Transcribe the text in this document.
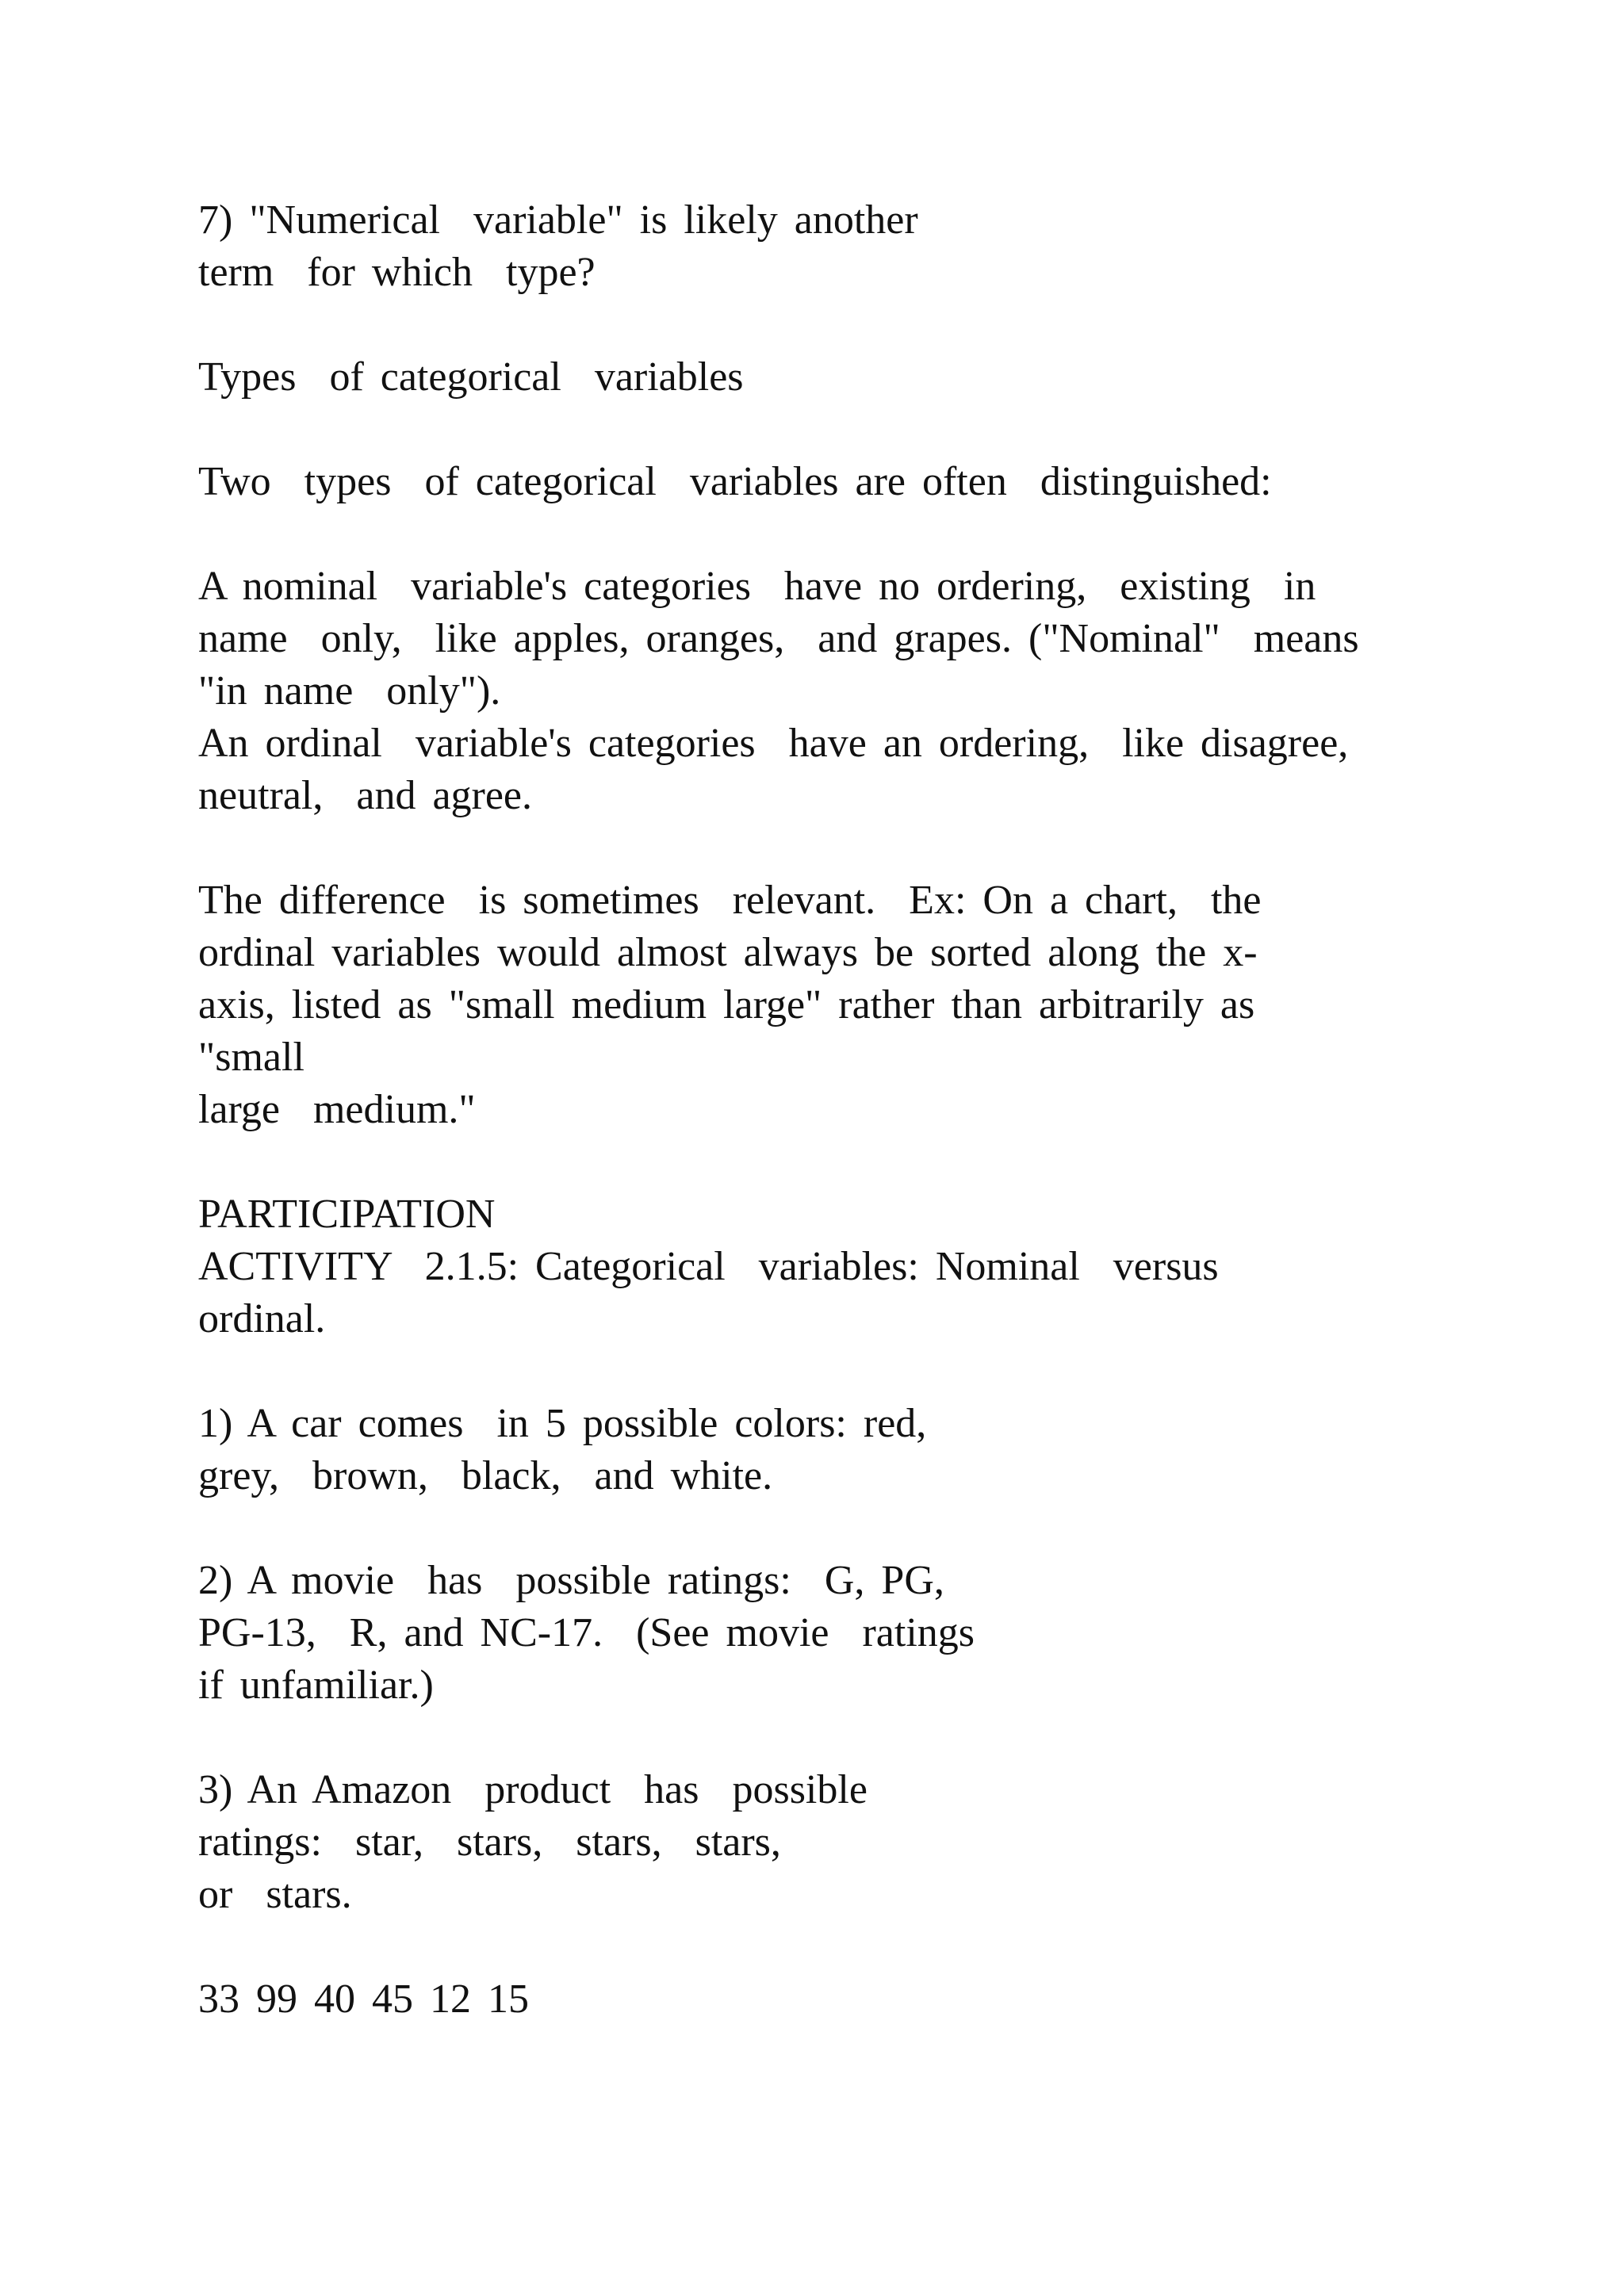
7) "Numerical  variable" is likely another
term  for which  type?
Types  of categorical  variables
Two  types  of categorical  variables are often  distinguished:
A nominal  variable's categories  have no ordering,  existing  in
name  only,  like apples, oranges,  and grapes. ("Nominal"  means
"in name  only").
An ordinal  variable's categories  have an ordering,  like disagree,
neutral,  and agree.
The difference  is sometimes  relevant.  Ex: On a chart,  the
ordinal variables would almost always be sorted along the x-
axis, listed as "small medium large" rather than arbitrarily as
"small
large  medium."
PARTICIPATION
ACTIVITY  2.1.5: Categorical  variables: Nominal  versus
ordinal.
1) A car comes  in 5 possible colors: red,
grey,  brown,  black,  and white.
2) A movie  has  possible ratings:  G, PG,
PG-13,  R, and NC-17.  (See movie  ratings
if unfamiliar.)
3) An Amazon  product  has  possible
ratings:  star,  stars,  stars,  stars,
or  stars.
33 99 40 45 12 15
